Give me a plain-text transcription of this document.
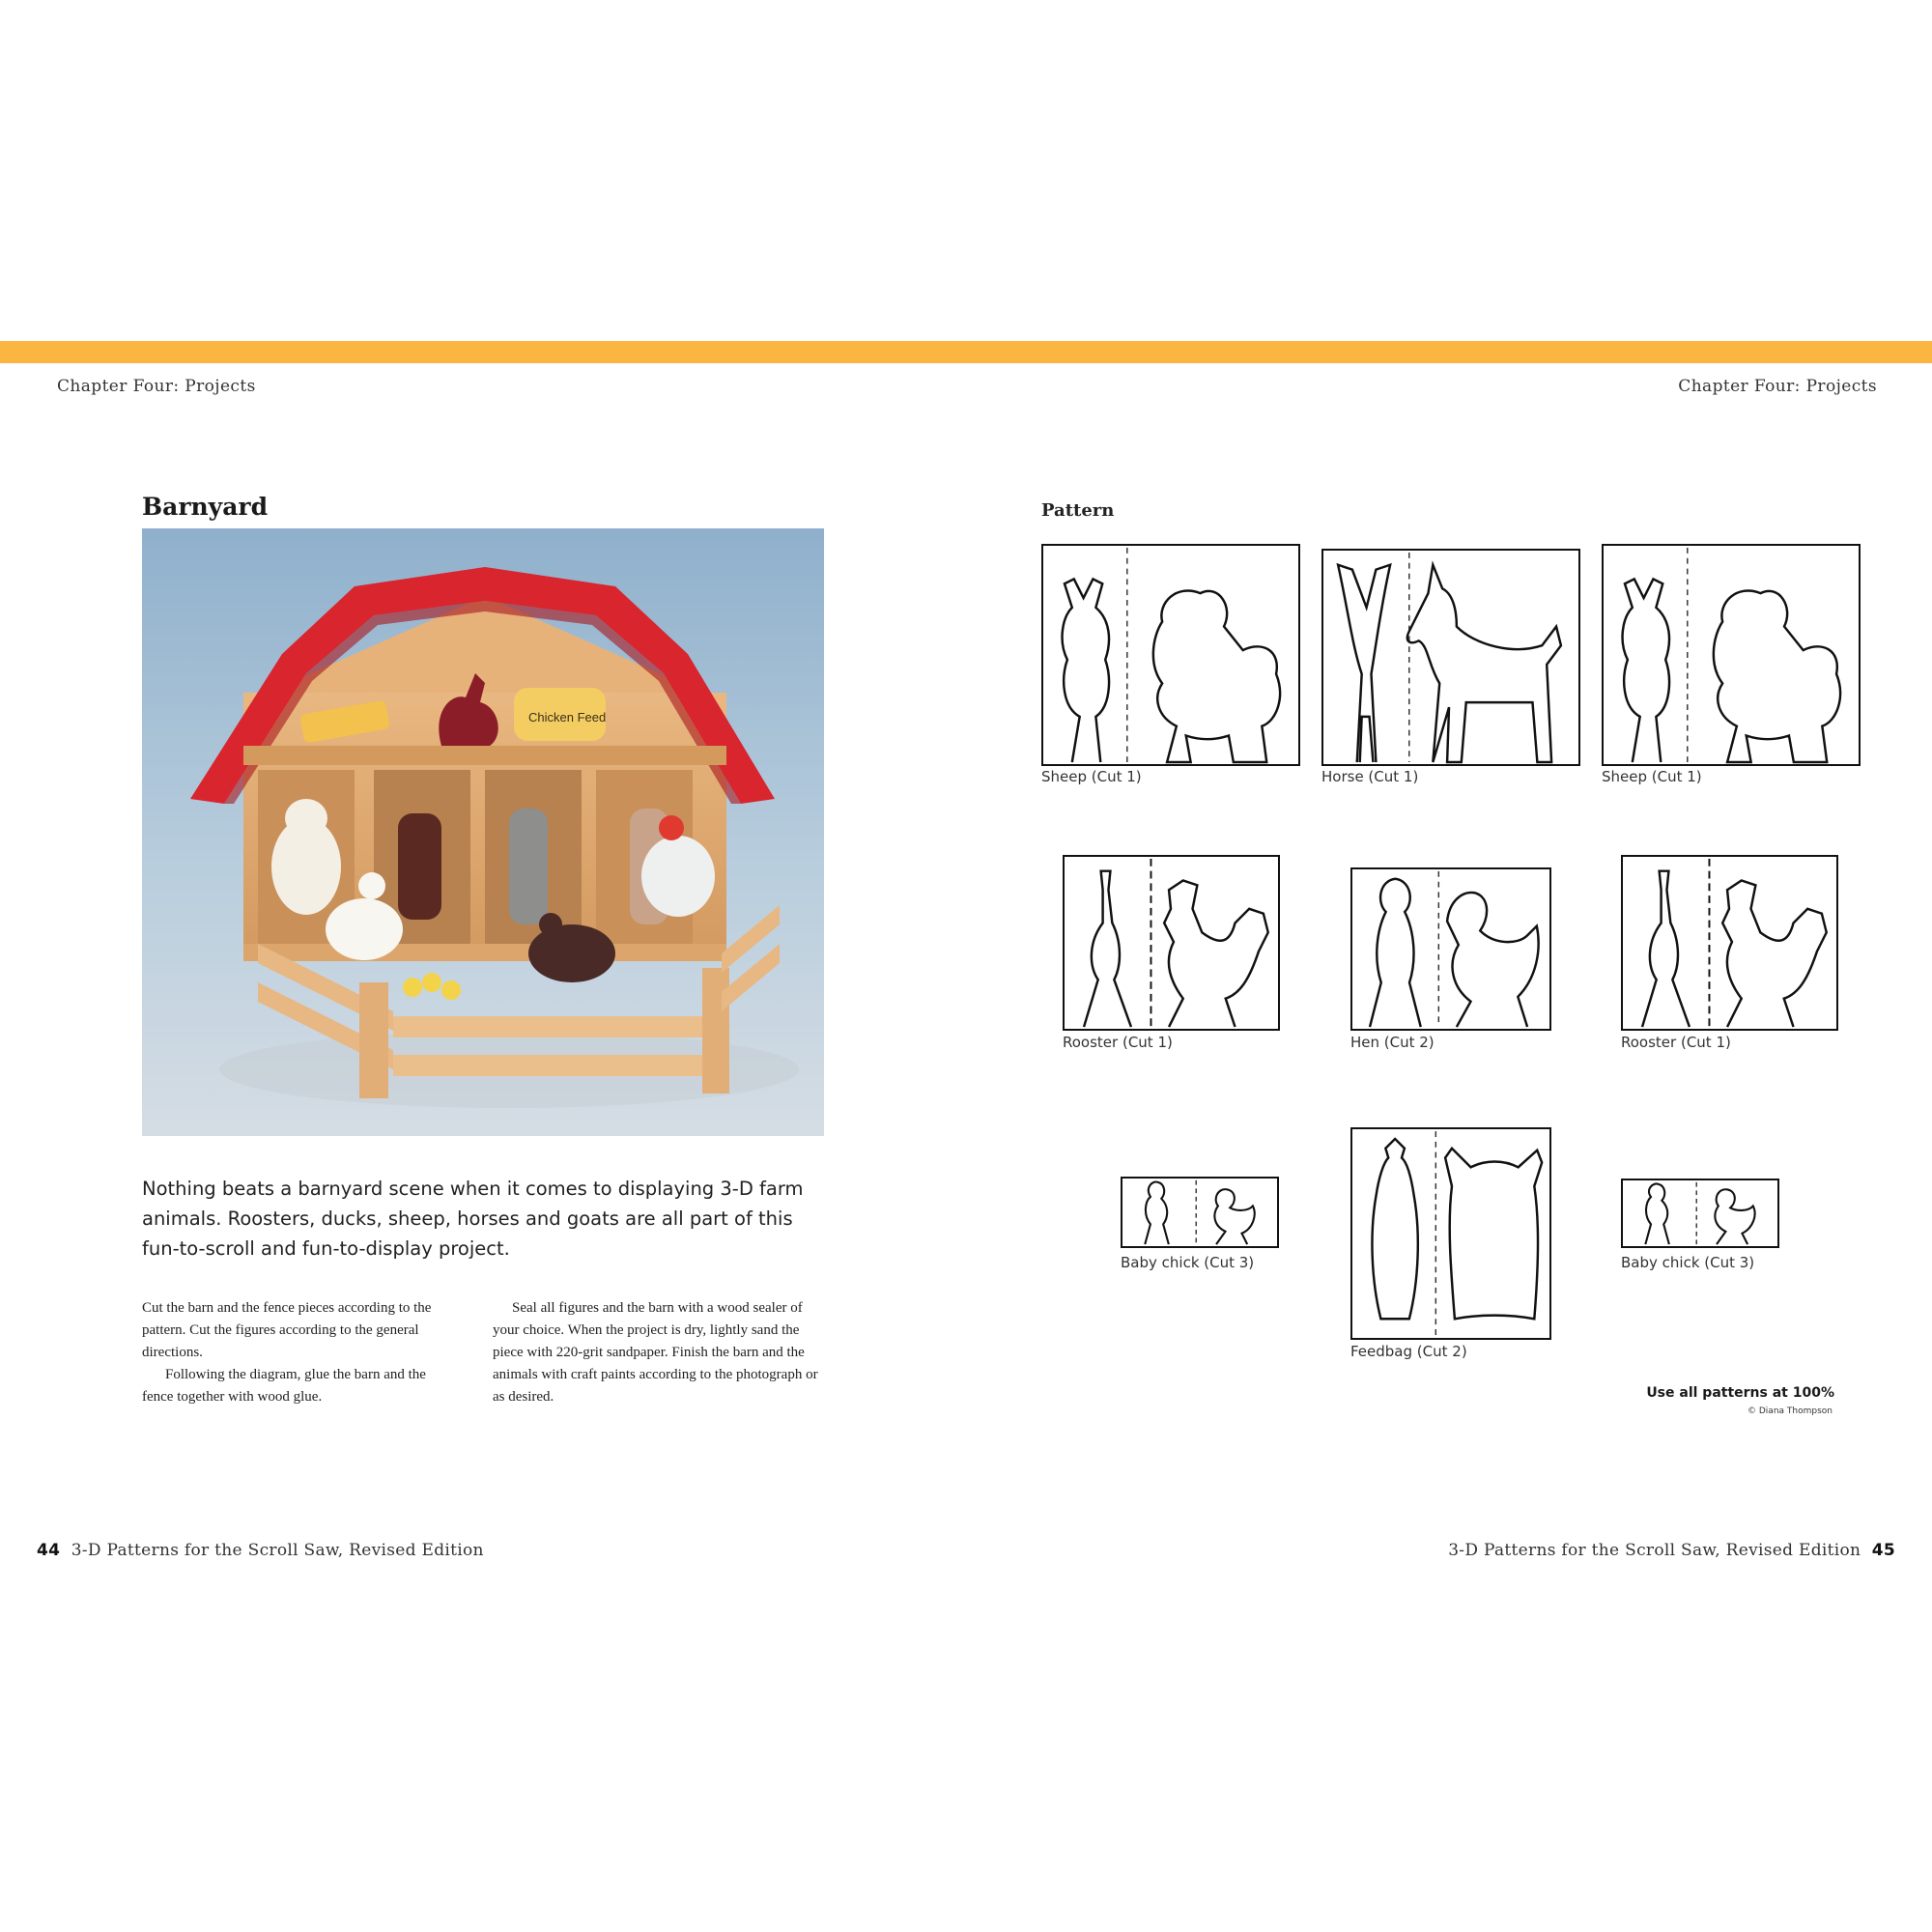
Chapter Four: Projects	Chapter Four: Projects
Barnyard
Chicken Feed
Nothing beats a barnyard scene when it comes to displaying 3-D farm animals. Roosters, ducks, sheep, horses and goats are all part of this fun-to-scroll and fun-to-display project.

Cut the barn and the fence pieces according to the pattern. Cut the figures according to the general directions.

Following the diagram, glue the barn and the fence together with wood glue.

Seal all figures and the barn with a wood sealer of your choice. When the project is dry, lightly sand the piece with 220-grit sandpaper. Finish the barn and the animals with craft paints according to the photograph or as desired.

Pattern
Sheep (Cut 1)	Horse (Cut 1)	Sheep (Cut 1)
Rooster (Cut 1)	Hen (Cut 2)	Rooster (Cut 1)
Baby chick (Cut 3)
Feedbag (Cut 2)
Baby chick (Cut 3)
Use all patterns at 100%
© Diana Thompson
44 3-D Patterns for the Scroll Saw, Revised Edition	3-D Patterns for the Scroll Saw, Revised Edition 45
